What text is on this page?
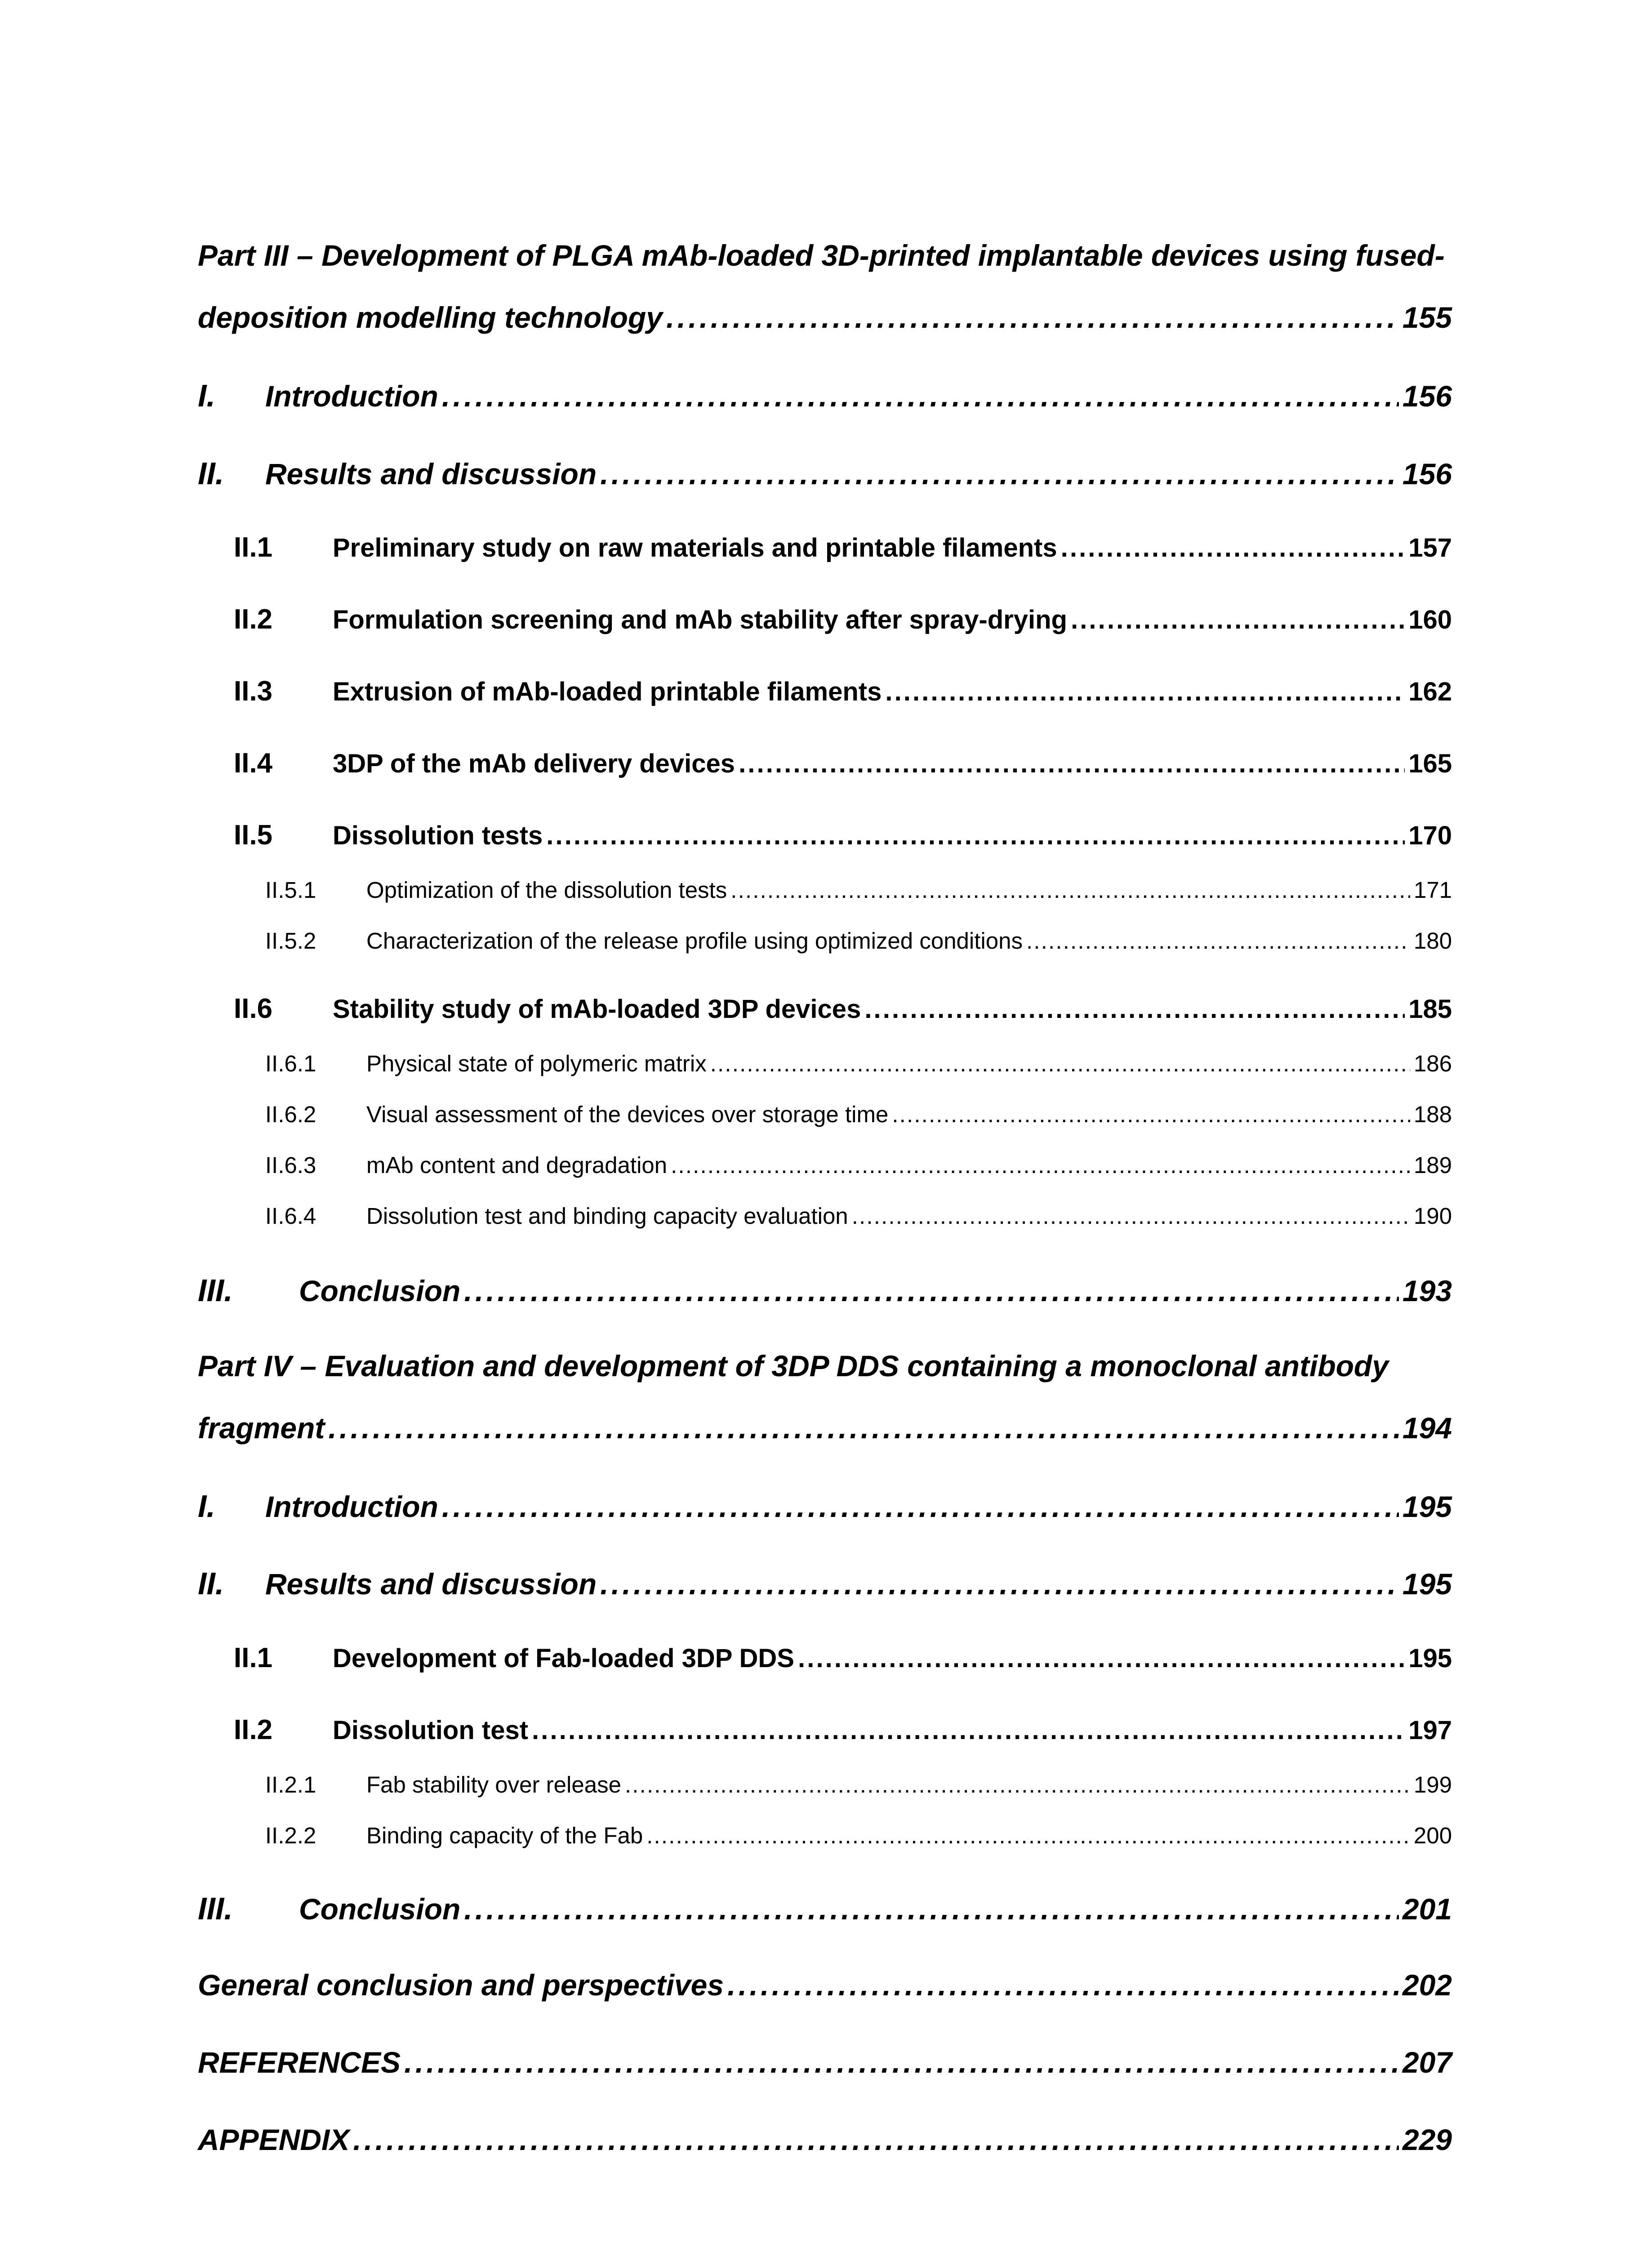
Part III – Development of PLGA mAb-loaded 3D-printed implantable devices using fused-
deposition modelling technology . . .	155
I.	Introduction . . .	156
II.	Results and discussion . . .	156
II.1	Preliminary study on raw materials and printable filaments . . .	157
II.2	Formulation screening and mAb stability after spray-drying . . .	160
II.3	Extrusion of mAb-loaded printable filaments . . .	162
II.4	3DP of the mAb delivery devices . . .	165
II.5	Dissolution tests . . .	170
II.5.1	Optimization of the dissolution tests . . .	171
II.5.2	Characterization of the release profile using optimized conditions . . .	180
II.6	Stability study of mAb-loaded 3DP devices . . .	185
II.6.1	Physical state of polymeric matrix . . .	186
II.6.2	Visual assessment of the devices over storage time . . .	188
II.6.3	mAb content and degradation . . .	189
II.6.4	Dissolution test and binding capacity evaluation . . .	190
III.	Conclusion . . .	193
Part IV – Evaluation and development of 3DP DDS containing a monoclonal antibody
fragment . . .	194
I.	Introduction . . .	195
II.	Results and discussion . . .	195
II.1	Development of Fab-loaded 3DP DDS . . .	195
II.2	Dissolution test . . .	197
II.2.1	Fab stability over release . . .	199
II.2.2	Binding capacity of the Fab . . .	200
III.	Conclusion . . .	201
General conclusion and perspectives . . .	202
REFERENCES . . .	207
APPENDIX . . .	229
